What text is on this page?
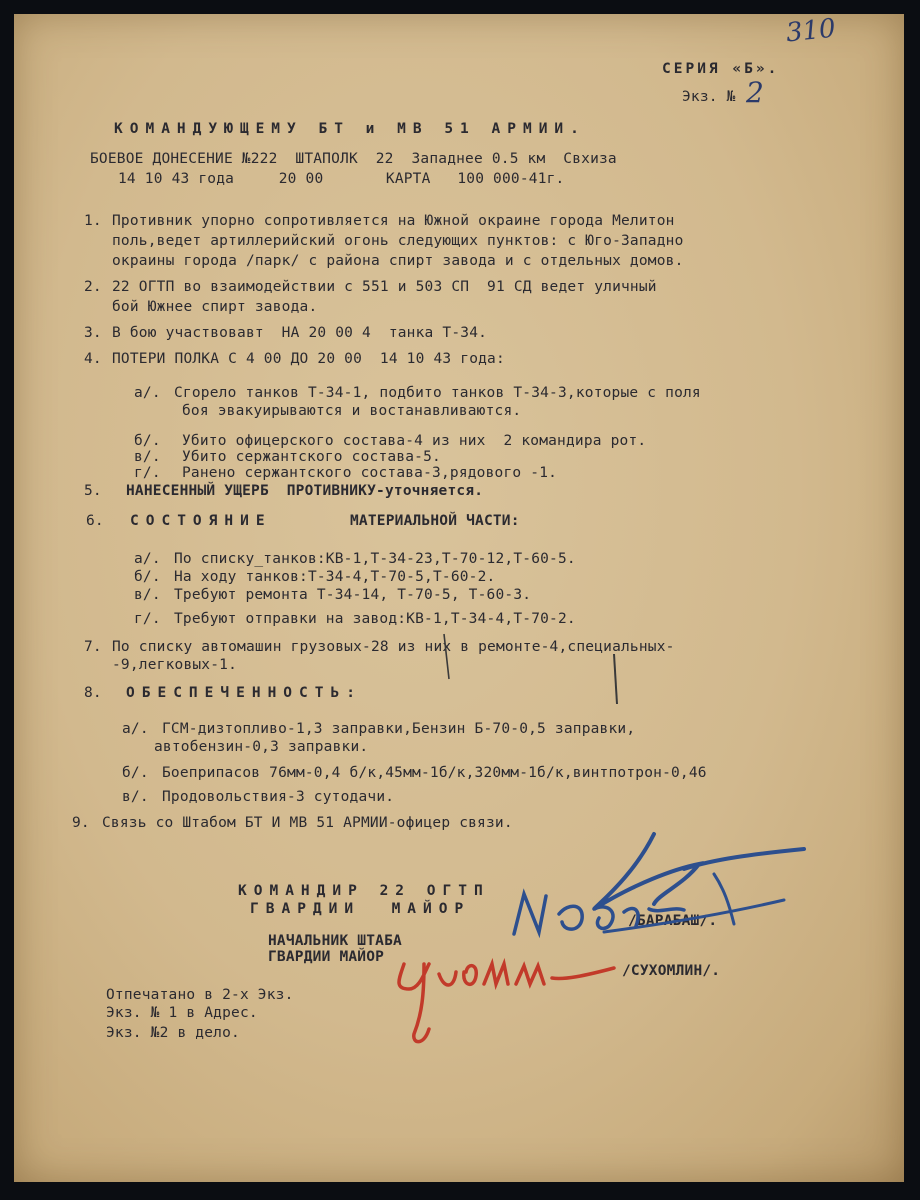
310
СЕРИЯ «Б».
Экз. № 2
КОМАНДУЮЩЕМУ БТ и МВ 51 АРМИИ.
БОЕВОЕ ДОНЕСЕНИЕ №222  ШТАПОЛК  22  Западнее 0.5 км  Свхиза
14 10 43 года     20 00       КАРТА   100 000-41г.
1. Противник упорно сопротивляется на Южной окраине города Мелитон
поль,ведет артиллерийский огонь следующих пунктов: с Юго-Западно
окраины города /парк/ с района спирт завода и с отдельных домов.
2. 22 ОГТП во взаимодействии с 551 и 503 СП  91 СД ведет уличный
бой Южнее спирт завода.
3. В бою участвовавт  НА 20 00 4  танка Т-34.
4. ПОТЕРИ ПОЛКА С 4 00 ДО 20 00  14 10 43 года:
а/. Сгорело танков Т-34-1, подбито танков Т-34-3,которые с поля
боя эвакуирываются и востанавливаются.
б/. Убито офицерского состава-4 из них  2 командира рот.
в/. Убито сержантского состава-5.
г/. Ранено сержантского состава-3,рядового -1.
5. НАНЕСЕННЫЙ УЩЕРБ  ПРОТИВНИКУ-уточняется.
6. СОСТОЯНИЕ	МАТЕРИАЛЬНОЙ ЧАСТИ:
а/. По списку_танков:КВ-1,Т-34-23,Т-70-12,Т-60-5.
б/. На ходу танков:Т-34-4,Т-70-5,Т-60-2.
в/. Требуют ремонта Т-34-14, Т-70-5, Т-60-3.
г/. Требуют отправки на завод:КВ-1,Т-34-4,Т-70-2.
7. По списку автомашин грузовых-28 из них в ремонте-4,специальных-
-9,легковых-1.
8. ОБЕСПЕЧЕННОСТЬ:
а/. ГСМ-дизтопливо-1,3 заправки,Бензин Б-70-0,5 заправки,
автобензин-0,3 заправки.
б/. Боеприпасов 76мм-0,4 б/к,45мм-1б/к,320мм-1б/к,винтпотрон-0,46
в/. Продовольствия-3 сутодачи.
9. Связь со Штабом БТ И МВ 51 АРМИИ-офицер связи.
КОМАНДИР 22 ОГТП
ГВАРДИИ  МАЙОР
/БАРАБАШ/.
НАЧАЛЬНИК ШТАБА
ГВАРДИИ МАЙОР
/СУХОМЛИН/.
Отпечатано в 2-х Экз.
Экз. № 1 в Адрес.
Экз. №2 в дело.
